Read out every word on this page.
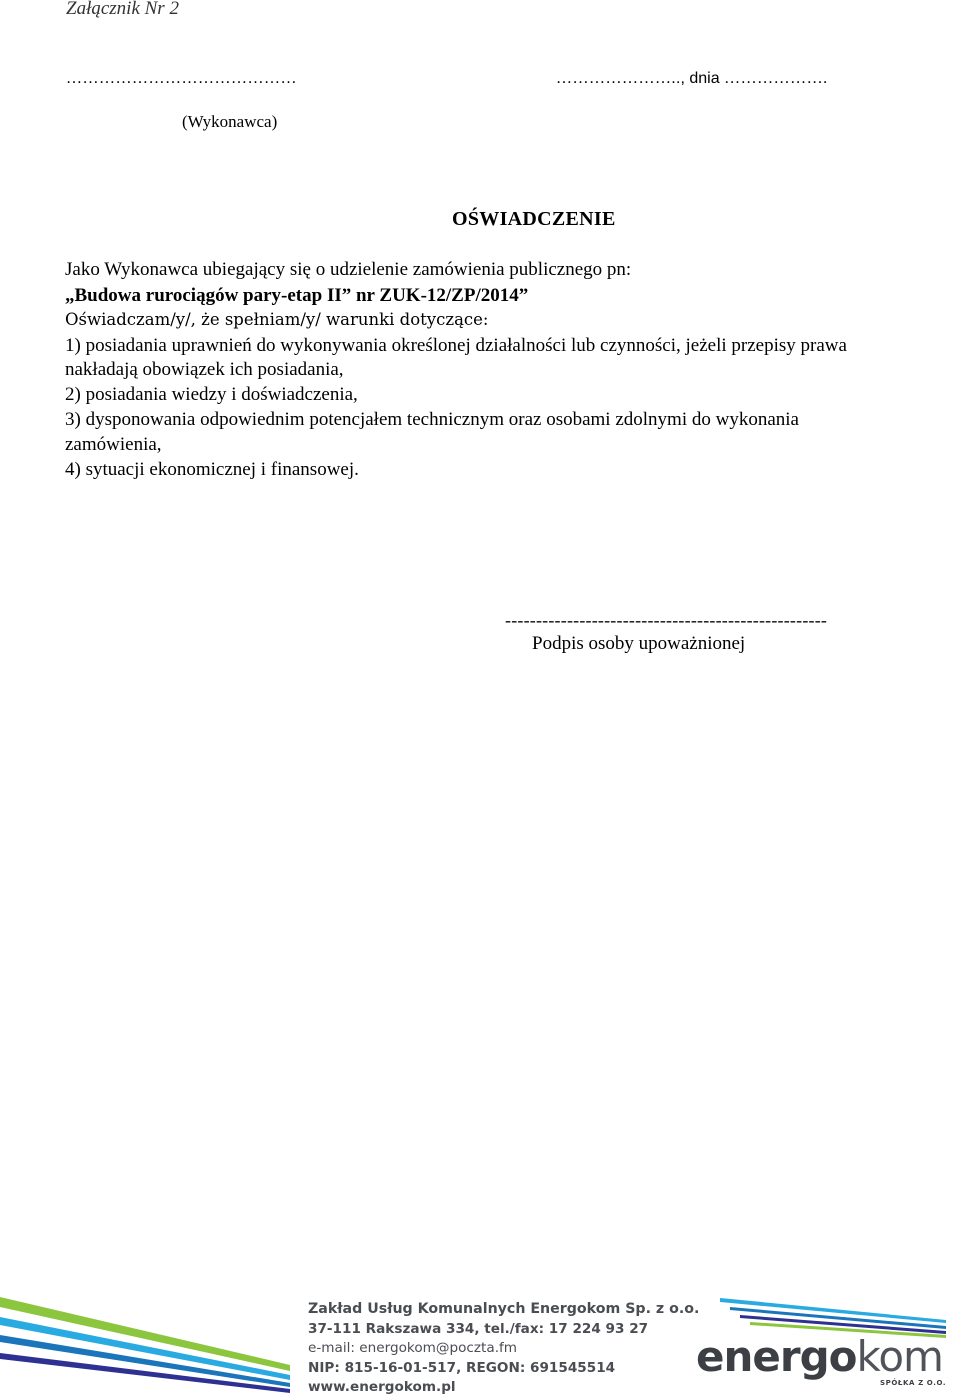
Załącznik Nr 2
……………………………………	………………….., dnia ……………….
(Wykonawca)
OŚWIADCZENIE
Jako Wykonawca ubiegający się o udzielenie zamówienia publicznego pn:
„Budowa rurociągów pary-etap II” nr ZUK-12/ZP/2014”
Oświadczam/y/, że spełniam/y/ warunki dotyczące:
1) posiadania uprawnień do wykonywania określonej działalności lub czynności, jeżeli przepisy prawa
nakładają obowiązek ich posiadania,
2) posiadania wiedzy i doświadczenia,
3) dysponowania odpowiednim potencjałem technicznym oraz osobami zdolnymi do wykonania
zamówienia,
4) sytuacji ekonomicznej i finansowej.
----------------------------------------------------
Podpis osoby upoważnionej
Zakład Usług Komunalnych Energokom Sp. z o.o.
37-111 Rakszawa 334, tel./fax: 17 224 93 27
e-mail: energokom@poczta.fm
NIP: 815-16-01-517, REGON: 691545514
www.energokom.pl
energokom
SPÓŁKA Z O.O.
